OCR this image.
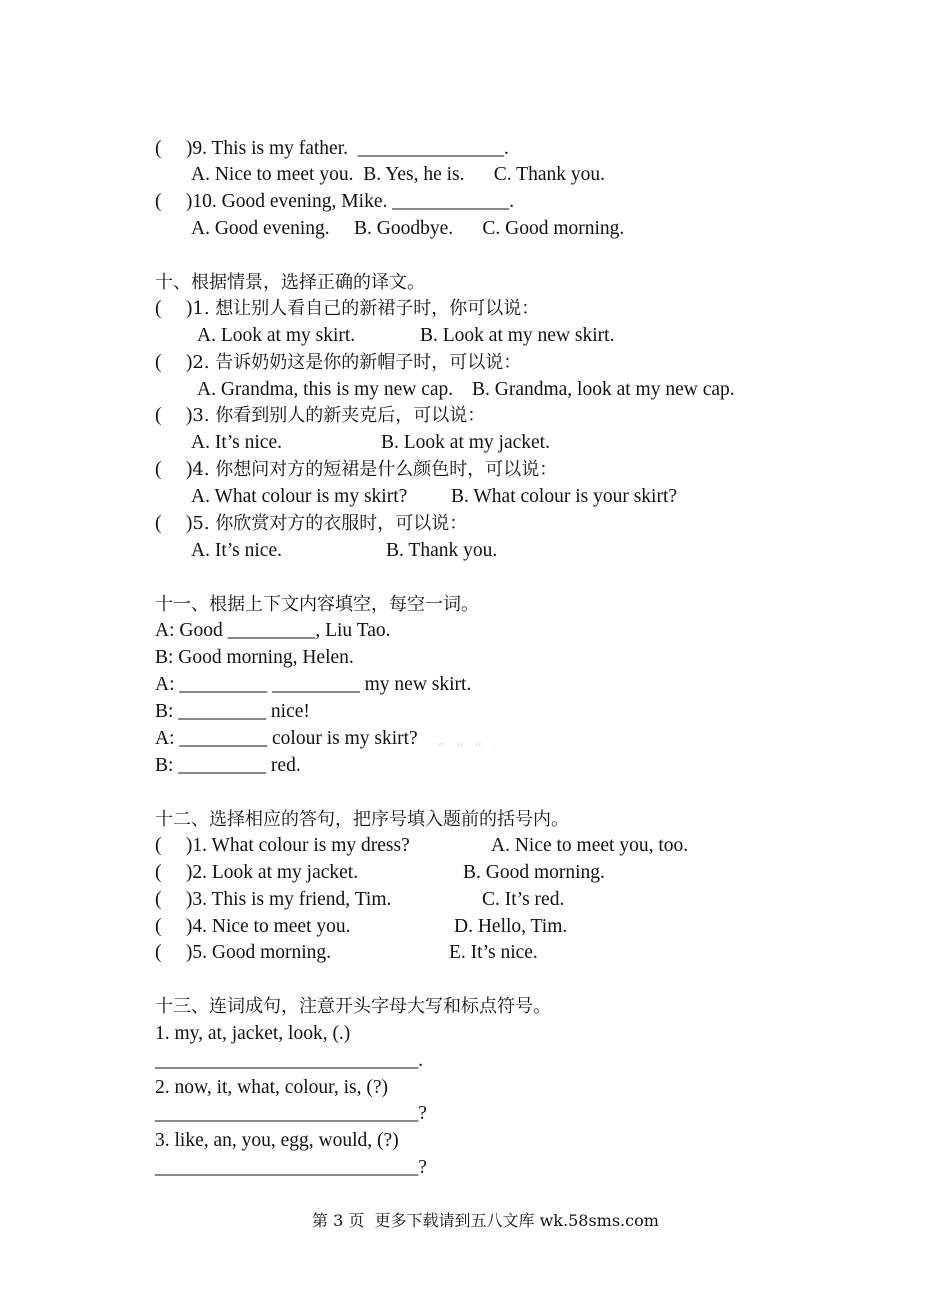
(     )9. This is my father.  _______________.
A. Nice to meet you.  B. Yes, he is.      C. Thank you.
(     )10. Good evening, Mike. ____________.
A. Good evening.     B. Goodbye.      C. Good morning.
十、根据情景，选择正确的译文。
(     )1. 想让别人看自己的新裙子时，你可以说：
A. Look at my skirt.	B. Look at my new skirt.
(     )2. 告诉奶奶这是你的新帽子时，可以说：
A. Grandma, this is my new cap. B. Grandma, look at my new cap.
(     )3. 你看到别人的新夹克后，可以说：
A. It’s nice.	B. Look at my jacket.
(     )4. 你想问对方的短裙是什么颜色时，可以说：
A. What colour is my skirt? B. What colour is your skirt?
(     )5. 你欣赏对方的衣服时，可以说：
A. It’s nice.	B. Thank you.
十一、根据上下文内容填空，每空一词。
A: Good _________, Liu Tao.
B: Good morning, Helen.
A: _________ _________ my new skirt.
B: _________ nice!
A: _________ colour is my skirt? w w w .
B: _________ red.
十二、选择相应的答句，把序号填入题前的括号内。
(     )1. What colour is my dress?	A. Nice to meet you, too.
(     )2. Look at my jacket.	B. Good morning.
(     )3. This is my friend, Tim.	C. It’s red.
(     )4. Nice to meet you.	D. Hello, Tim.
(     )5. Good morning.	E. It’s nice.
十三、连词成句，注意开头字母大写和标点符号。
1. my, at, jacket, look, (.)
___________________________.
2. now, it, what, colour, is, (?)
___________________________?
3. like, an, you, egg, would, (?)
___________________________?
第 3 页  更多下载请到五八文库 wk.58sms.com
